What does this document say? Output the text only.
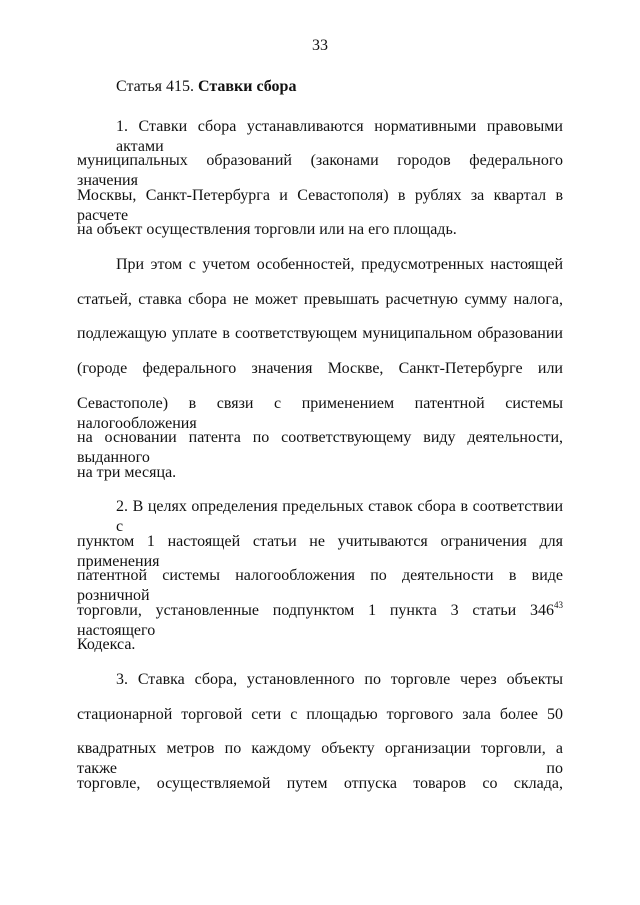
33
Статья 415. Ставки сбора
1. Ставки сбора устанавливаются нормативными правовыми актами
муниципальных образований (законами городов федерального значения
Москвы, Санкт-Петербурга и Севастополя) в рублях за квартал в расчете
на объект осуществления торговли или на его площадь.
При этом с учетом особенностей, предусмотренных настоящей
статьей, ставка сбора не может превышать расчетную сумму налога,
подлежащую уплате в соответствующем муниципальном образовании
(городе федерального значения Москве, Санкт-Петербурге или
Севастополе) в связи с применением патентной системы налогообложения
на основании патента по соответствующему виду деятельности, выданного
на три месяца.
2. В целях определения предельных ставок сбора в соответствии с
пунктом 1 настоящей статьи не учитываются ограничения для применения
патентной системы налогообложения по деятельности в виде розничной
торговли, установленные подпунктом 1 пункта 3 статьи $346^{43}$ настоящего
Кодекса.
3. Ставка сбора, установленного по торговле через объекты
стационарной торговой сети с площадью торгового зала более 50
квадратных метров по каждому объекту организации торговли, а также по
торговле, осуществляемой путем отпуска товаров со склада,
